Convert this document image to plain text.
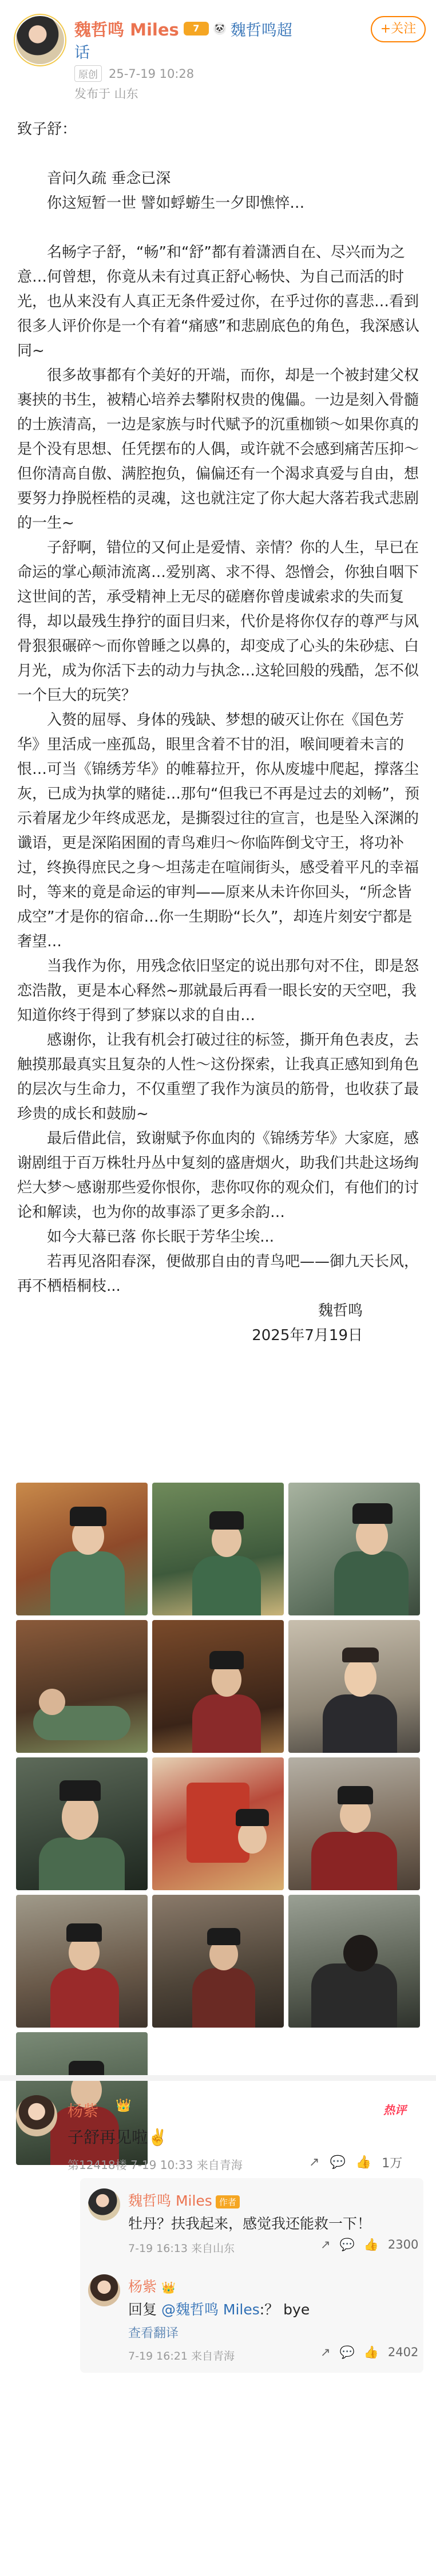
魏哲鸣 Miles	7	🐼 魏哲鸣超
话
+关注
原创 25-7-19 10:28
发布于 山东

致子舒：

音问久疏 垂念已深

你这短暂一世 譬如蜉蝣生一夕即憔悴…

名畅字子舒，“畅”和“舒”都有着潇洒自在、尽兴而为之意…何曾想，你竟从未有过真正舒心畅快、为自己而活的时光，也从来没有人真正无条件爱过你，在乎过你的喜悲…看到很多人评价你是一个有着“痛感”和悲剧底色的角色，我深感认同~

很多故事都有个美好的开端，而你，却是一个被封建父权裹挟的书生，被精心培养去攀附权贵的傀儡。一边是刻入骨髓的士族清高，一边是家族与时代赋予的沉重枷锁～如果你真的是个没有思想、任凭摆布的人偶，或许就不会感到痛苦压抑～但你清高自傲、满腔抱负，偏偏还有一个渴求真爱与自由，想要努力挣脱桎梏的灵魂，这也就注定了你大起大落若我式悲剧的一生~

子舒啊，错位的又何止是爱情、亲情？你的人生，早已在命运的掌心颠沛流离…爱别离、求不得、怨憎会，你独自咽下这世间的苦，承受精神上无尽的磋磨你曾虔诚索求的失而复得，却以最残生挣狞的面目归来，代价是将你仅存的尊严与风骨狠狠碾碎～而你曾睡之以鼻的，却变成了心头的朱砂痣、白月光，成为你活下去的动力与执念…这轮回般的残酷，怎不似一个巨大的玩笑？

入赘的屈辱、身体的残缺、梦想的破灭让你在《国色芳华》里活成一座孤岛，眼里含着不甘的泪，喉间哽着未言的恨…可当《锦绣芳华》的帷幕拉开，你从废墟中爬起，撑落尘灰，已成为执掌的赌徒…那句“但我已不再是过去的刘畅”，预示着屠龙少年终成恶龙，是撕裂过往的宣言，也是坠入深渊的谶语，更是深陷困囿的青鸟难归～你临阵倒戈守王，将功补过，终换得庶民之身～坦荡走在喧闹街头，感受着平凡的幸福时，等来的竟是命运的审判——原来从未许你回头，“所念皆成空”才是你的宿命…你一生期盼“长久”，却连片刻安宁都是奢望…

当我作为你，用残念依旧坚定的说出那句对不住，即是怒恋浩散，更是本心释然~那就最后再看一眼长安的天空吧，我知道你终于得到了梦寐以求的自由…

感谢你，让我有机会打破过往的标签，撕开角色表皮，去触摸那最真实且复杂的人性～这份探索，让我真正感知到角色的层次与生命力，不仅重塑了我作为演员的筋骨，也收获了最珍贵的成长和鼓励~

最后借此信，致谢赋予你血肉的《锦绣芳华》大家庭，感谢剧组于百万株牡丹丛中复刻的盛唐烟火，助我们共赴这场绚烂大梦～感谢那些爱你恨你，悲你叹你的观众们，有他们的讨论和解读，也为你的故事添了更多余韵…

如今大幕已落 你长眠于芳华尘埃...

若再见洛阳春深，便做那自由的青鸟吧——御九天长风，再不栖梧桐枝...

魏哲鸣

2025年7月19日

杨紫 👑	热评
子舒再见啦✌️
第12418楼 7-19 10:33 来自青海	↗ 💬 👍 1万
魏哲鸣 Miles 作者
牡丹？扶我起来，感觉我还能救一下！
7-19 16:13 来自山东	↗ 💬 👍 2300
杨紫 👑
回复 @魏哲鸣 Miles:？ bye
查看翻译
7-19 16:21 来自青海	↗ 💬 👍 2402
